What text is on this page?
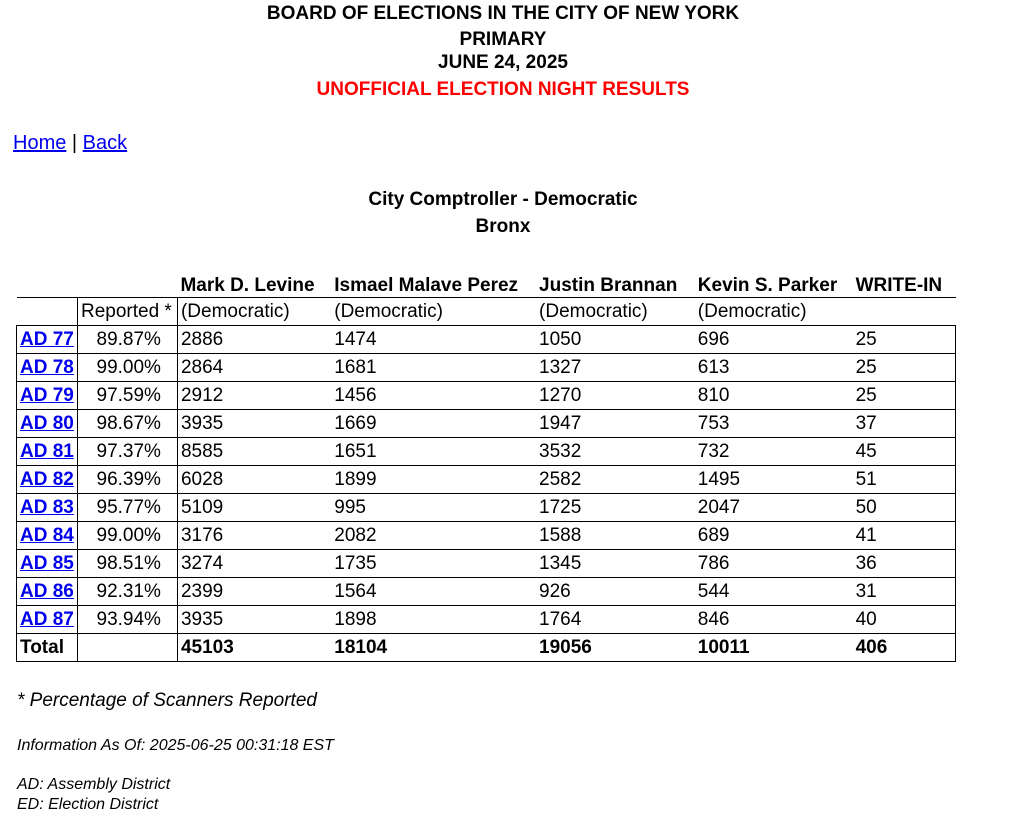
BOARD OF ELECTIONS IN THE CITY OF NEW YORK
PRIMARY
JUNE 24, 2025
UNOFFICIAL ELECTION NIGHT RESULTS
Home | Back
City Comptroller - Democratic
Bronx
		Mark D. Levine	Ismael Malave Perez	Justin Brannan	Kevin S. Parker	WRITE-IN
	Reported *	(Democratic)	(Democratic)	(Democratic)	(Democratic)	
AD 77	89.87%	2886	1474	1050	696	25
AD 78	99.00%	2864	1681	1327	613	25
AD 79	97.59%	2912	1456	1270	810	25
AD 80	98.67%	3935	1669	1947	753	37
AD 81	97.37%	8585	1651	3532	732	45
AD 82	96.39%	6028	1899	2582	1495	51
AD 83	95.77%	5109	995	1725	2047	50
AD 84	99.00%	3176	2082	1588	689	41
AD 85	98.51%	3274	1735	1345	786	36
AD 86	92.31%	2399	1564	926	544	31
AD 87	93.94%	3935	1898	1764	846	40
Total		45103	18104	19056	10011	406
* Percentage of Scanners Reported
Information As Of: 2025-06-25 00:31:18 EST
AD: Assembly District
ED: Election District
